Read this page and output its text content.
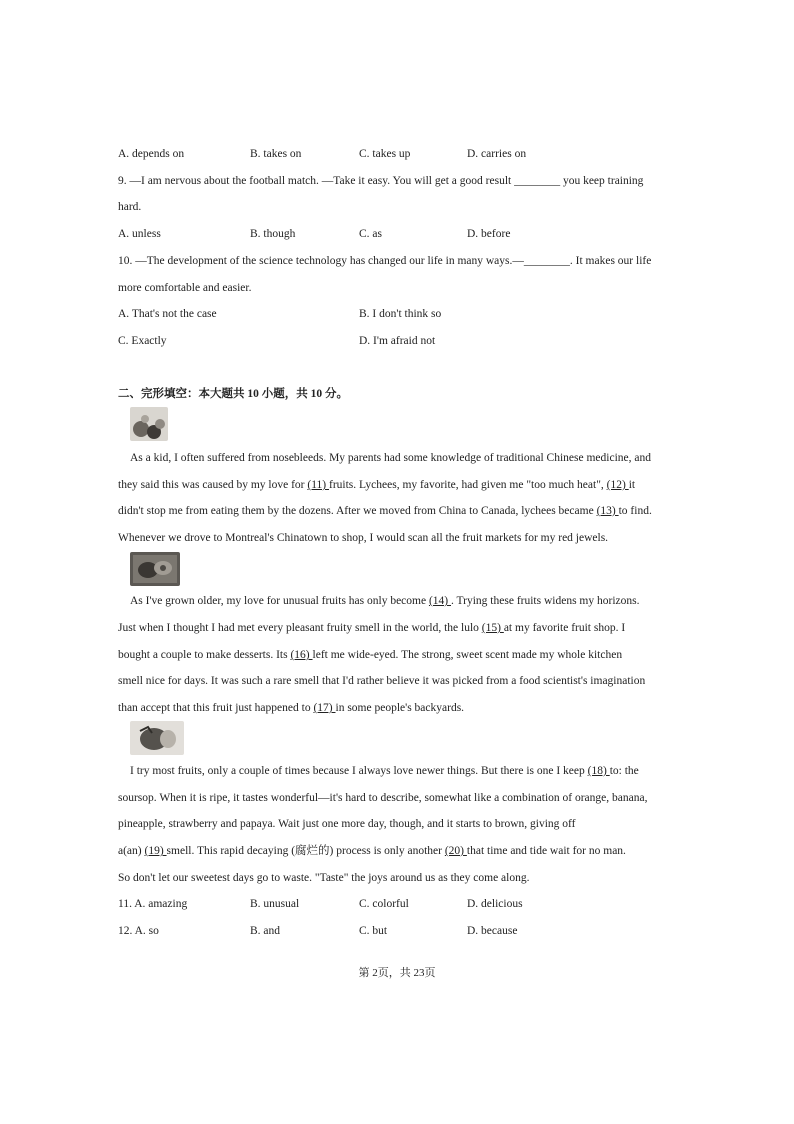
A. depends on	B. takes on	C. takes up	D. carries on
9. —I am nervous about the football match. —Take it easy. You will get a good result ________ you keep training
hard.
A. unless	B. though	C. as	D. before
10. —The development of the science technology has changed our life in many ways.—________. It makes our life
more comfortable and easier.
A. That's not the case	B. I don't think so
C. Exactly	D. I'm afraid not
二、完形填空：本大题共 10 小题，共 10 分。
As a kid, I often suffered from nosebleeds. My parents had some knowledge of traditional Chinese medicine, and
they said this was caused by my love for (11) fruits. Lychees, my favorite, had given me "too much heat", (12) it
didn't stop me from eating them by the dozens. After we moved from China to Canada, lychees became (13) to find.
Whenever we drove to Montreal's Chinatown to shop, I would scan all the fruit markets for my red jewels.
As I've grown older, my love for unusual fruits has only become (14) . Trying these fruits widens my horizons.
Just when I thought I had met every pleasant fruity smell in the world, the lulo (15) at my favorite fruit shop. I
bought a couple to make desserts. Its (16) left me wide-eyed. The strong, sweet scent made my whole kitchen
smell nice for days. It was such a rare smell that I'd rather believe it was picked from a food scientist's imagination
than accept that this fruit just happened to (17) in some people's backyards.
I try most fruits, only a couple of times because I always love newer things. But there is one I keep (18) to: the
soursop. When it is ripe, it tastes wonderful—it's hard to describe, somewhat like a combination of orange, banana,
pineapple, strawberry and papaya. Wait just one more day, though, and it starts to brown, giving off
a(an) (19) smell. This rapid decaying (腐烂的) process is only another (20) that time and tide wait for no man.
So don't let our sweetest days go to waste. "Taste" the joys around us as they come along.
11. A. amazing	B. unusual	C. colorful	D. delicious
12. A. so	B. and	C. but	D. because
第 2页，共 23页
